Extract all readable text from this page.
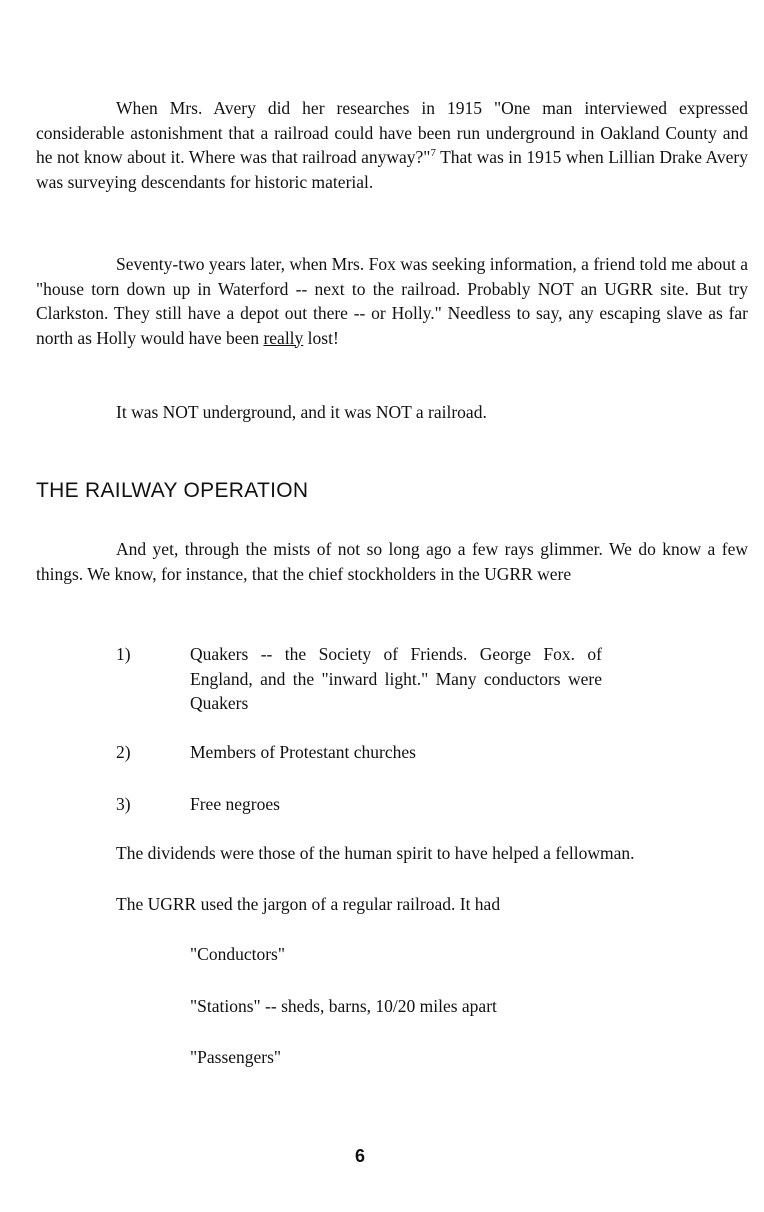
When Mrs. Avery did her researches in 1915 "One man interviewed expressed considerable astonishment that a railroad could have been run underground in Oakland County and he not know about it. Where was that railroad anyway?"$^7$ That was in 1915 when Lillian Drake Avery was surveying descendants for historic material.

Seventy-two years later, when Mrs. Fox was seeking information, a friend told me about a "house torn down up in Waterford -- next to the railroad. Probably NOT an UGRR site. But try Clarkston. They still have a depot out there -- or Holly." Needless to say, any escaping slave as far north as Holly would have been really lost!

It was NOT underground, and it was NOT a railroad.

THE RAILWAY OPERATION

And yet, through the mists of not so long ago a few rays glimmer. We do know a few things. We know, for instance, that the chief stockholders in the UGRR were

1)	Quakers -- the Society of Friends. George Fox. of England, and the "inward light." Many conductors were Quakers

2)	Members of Protestant churches

3)	Free negroes

The dividends were those of the human spirit to have helped a fellowman.

The UGRR used the jargon of a regular railroad. It had

"Conductors"

"Stations" -- sheds, barns, 10/20 miles apart

"Passengers"

6
